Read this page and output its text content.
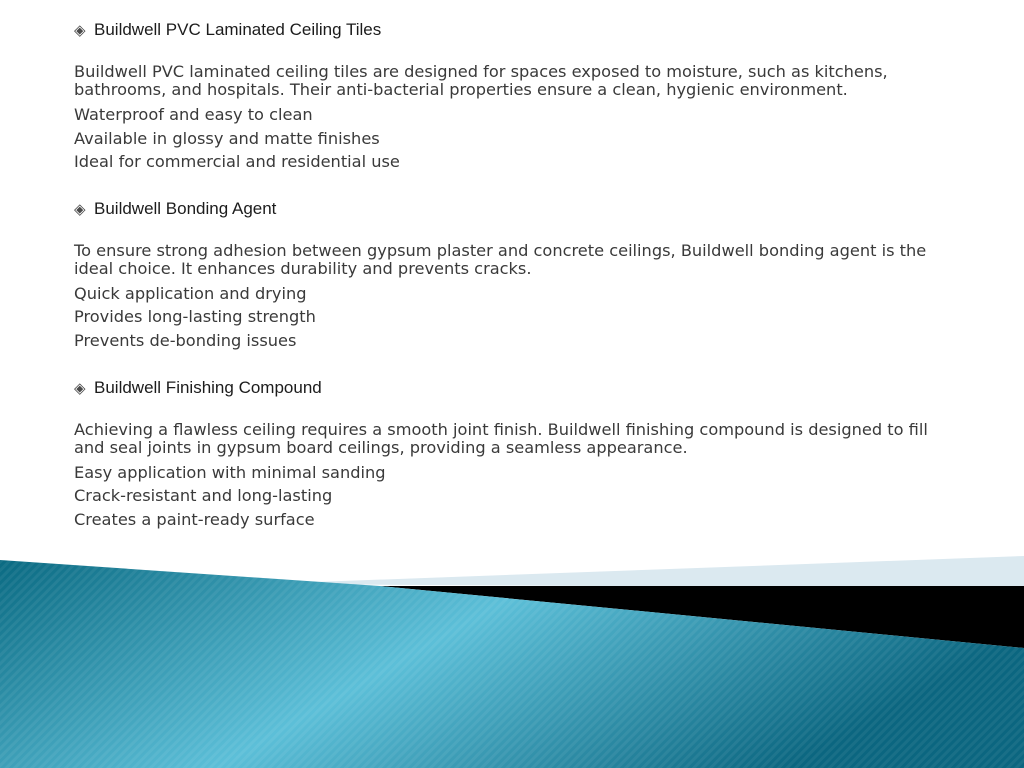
◈ Buildwell PVC Laminated Ceiling Tiles
Buildwell PVC laminated ceiling tiles are designed for spaces exposed to moisture, such as kitchens, bathrooms, and hospitals. Their anti-bacterial properties ensure a clean, hygienic environment.
Waterproof and easy to clean
Available in glossy and matte finishes
Ideal for commercial and residential use
◈ Buildwell Bonding Agent
To ensure strong adhesion between gypsum plaster and concrete ceilings, Buildwell bonding agent is the ideal choice. It enhances durability and prevents cracks.
Quick application and drying
Provides long-lasting strength
Prevents de-bonding issues
◈ Buildwell Finishing Compound
Achieving a flawless ceiling requires a smooth joint finish. Buildwell finishing compound is designed to fill and seal joints in gypsum board ceilings, providing a seamless appearance.
Easy application with minimal sanding
Crack-resistant and long-lasting
Creates a paint-ready surface
